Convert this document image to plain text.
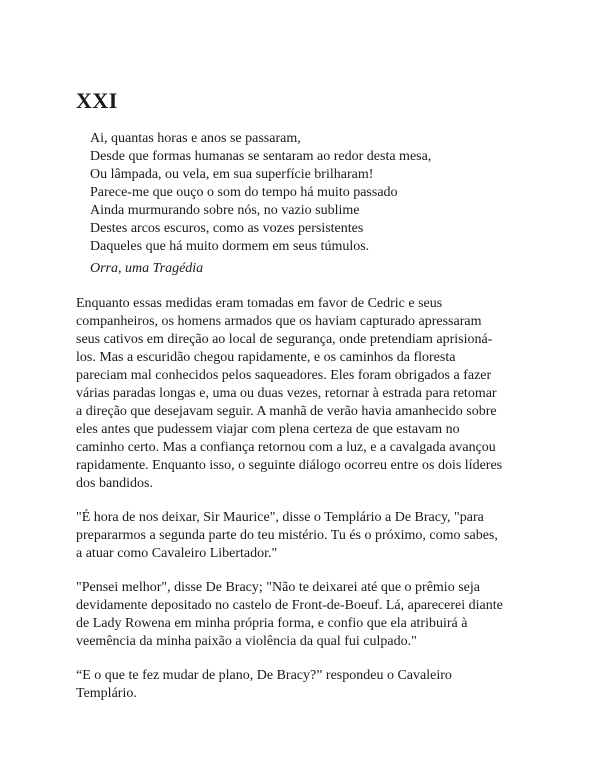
XXI
Ai, quantas horas e anos se passaram,
Desde que formas humanas se sentaram ao redor desta mesa,
Ou lâmpada, ou vela, em sua superfície brilharam!
Parece-me que ouço o som do tempo há muito passado
Ainda murmurando sobre nós, no vazio sublime
Destes arcos escuros, como as vozes persistentes
Daqueles que há muito dormem em seus túmulos.

Orra, uma Tragédia

Enquanto essas medidas eram tomadas em favor de Cedric e seus
companheiros, os homens armados que os haviam capturado apressaram
seus cativos em direção ao local de segurança, onde pretendiam aprisioná-
los. Mas a escuridão chegou rapidamente, e os caminhos da floresta
pareciam mal conhecidos pelos saqueadores. Eles foram obrigados a fazer
várias paradas longas e, uma ou duas vezes, retornar à estrada para retomar
a direção que desejavam seguir. A manhã de verão havia amanhecido sobre
eles antes que pudessem viajar com plena certeza de que estavam no
caminho certo. Mas a confiança retornou com a luz, e a cavalgada avançou
rapidamente. Enquanto isso, o seguinte diálogo ocorreu entre os dois líderes
dos bandidos.

"É hora de nos deixar, Sir Maurice", disse o Templário a De Bracy, "para
prepararmos a segunda parte do teu mistério. Tu és o próximo, como sabes,
a atuar como Cavaleiro Libertador."

"Pensei melhor", disse De Bracy; "Não te deixarei até que o prêmio seja
devidamente depositado no castelo de Front-de-Boeuf. Lá, aparecerei diante
de Lady Rowena em minha própria forma, e confio que ela atribuirá à
veemência da minha paixão a violência da qual fui culpado."

“E o que te fez mudar de plano, De Bracy?” respondeu o Cavaleiro
Templário.
